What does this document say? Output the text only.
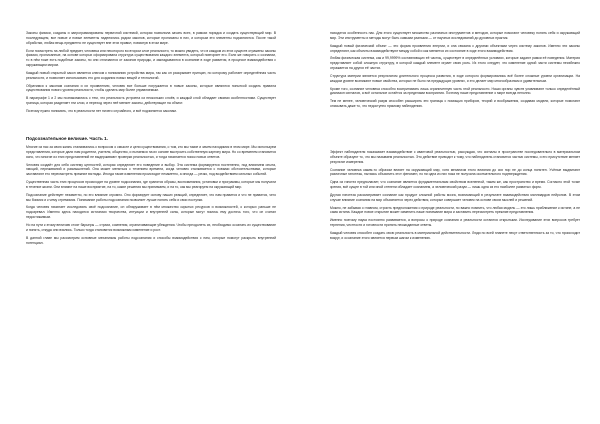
Законы физики, созданы и запрограммированы первичной системой, которая позволила зачать всех, в рамках порядка и создать существующий мир. В последующем, все новые и новые элементы наделялись рядом законов, которые прописаны в них, и которым эти элементы подчиняются. После такой обработки, любая вещь предметно не существует вне этих правил, повиснув в этом мире.

Если посмотреть на любой предмет, человека или некоторого во втором слое реальности, то можно увидеть, что в каждом из этих существ отражены законы физики, прописанные, на основе которых сформирована структура существования каждого элемента, который повторяет его. Если же говорить о сознании, то в нём тоже есть подобные законы, но они отличаются от законов природы, и закладываются в сознание в ходе развития, в процессе взаимодействия с окружающим миром.

Каждый новый открытый закон является ключом к пониманию устройства мира, так как он раскрывает принцип, по которому работает определённая часть реальности, и позволяет использовать его для создания новых вещей и технологий.

Обратимся к законам сознания и их проявлению, человек все больше погружается в новые законы, которые являются попыткой создать правила существования нового уровня реальности, чтобы сделать мир более управляемым.

В параграфе 1 и 2 мы познакомились с тем, что реальность устроена из нескольких слоёв, и каждый слой обладает своими особенностями. Существует граница, которая разделяет эти слои, и переход через неё меняет законы, действующие на объект.

Поэтому нужно понимать, что в реальности нет ничего случайного, и всё подчиняется законам.

Подсознательное величие. Часть 1.

Многие из нас за свою жизнь сталкивались с вопросом о смысле и цели существования, о том, кто мы такие и зачем находимся в этом мире. Мы используем представления, которые дали нам родители, учителя, общество, и пытаемся на их основе выстроить собственную картину мира. Но со временем становится ясно, что многие из этих представлений не выдерживают проверки реальностью, и тогда начинается поиск новых ответов.

Человек создаёт для себя систему ценностей, которая определяет его поведение и выбор. Эта система формируется постепенно, под влиянием опыта, эмоций, переживаний и размышлений. Она может меняться с течением времени, когда человек сталкивается с новыми обстоятельствами, которые заставляют его пересмотреть прежние взгляды. Иногда такие изменения происходят незаметно, а иногда — резко, под воздействием сильных событий.

Существенная часть этих процессов происходит на уровне подсознания, где хранятся образы, воспоминания, установки и программы, которые мы получили в течение жизни. Они влияют на наше восприятие, на то, какие решения мы принимаем, и на то, как мы реагируем на окружающий мир.

Подсознание действует незаметно, но его влияние огромно. Оно формирует основу наших реакций, определяет, что нам нравится и что не нравится, чего мы боимся и к чему стремимся. Понимание работы подсознания позволяет лучше понять себя и свои поступки.

Когда человек начинает исследовать своё подсознание, он обнаруживает в нём множество скрытых ресурсов и возможностей, о которых раньше не подозревал. Именно здесь находятся источники творчества, интуиции и внутренней силы, которые могут помочь ему достичь того, что он считал недостижимым.

Но на пути к этому величию стоят барьеры — страхи, сомнения, ограничивающие убеждения. Чтобы преодолеть их, необходимо осознать их существование и понять, откуда они взялись. Только тогда становится возможным изменение и рост.

В данной главе мы рассмотрим основные механизмы работы подсознания и способы взаимодействия с ним, которые помогут раскрыть внутренний потенциал.

находится особенность нас. Для этого существует множество различных инструментов и методов, которые помогают человеку понять себя и окружающий мир. Эти инструменты и методы могут быть самыми разными — от научных исследований до духовных практик.

Каждый новый физический объект — это форма проявления энергии, и она связана с другими объектами через систему законов. Именно эти законы определяют, как объекты взаимодействуют между собой и как меняется их состояние в ходе этого взаимодействия.

Любая физическая система, как и 99,9999% составляющих её частиц, существует в определённых условиях, которые задают рамки её поведения. Материя представляет собой сложную структуру, в которой каждый элемент играет свою роль. Из этого следует, что изменение одной части системы неизбежно отражается на других её частях.

Структура материи является результатом длительного процесса развития, в ходе которого формировались всё более сложные уровни организации. На каждом уровне возникают новые свойства, которых не было на предыдущих уровнях, и это делает мир многообразным и удивительным.

Кроме того, сознание человека способно воспринимать лишь ограниченную часть этой реальности. Наши органы чувств улавливают только определённый диапазон сигналов, а всё остальное остаётся за пределами восприятия. Поэтому наше представление о мире всегда неполно.

Тем не менее, человеческий разум способен расширять эти границы с помощью приборов, теорий и воображения, создавая модели, которые помогают описывать даже то, что недоступно прямому наблюдению.

Эффект наблюдателя показывает взаимодействие с квантовой реальностью, рассуждая, что сигналы в пространстве последовательно в материальном объекте образуют то, что мы называем реальностью. Это действие приводит к тому, что наблюдатель становится частью системы, и его присутствие меняет результат измерения.

Сознание человека каким-то образом влияет на окружающий мир, хотя механизм этого влияния до сих пор не до конца понятен. Учёные выдвигают различные гипотезы, пытаясь объяснить этот феномен, но ни одна из них пока не получила окончательного подтверждения.

Одна из гипотез предполагает, что сознание является фундаментальным свойством вселенной, таким же, как пространство и время. Согласно этой точке зрения, всё сущее в той или иной степени обладает сознанием, а человеческий разум — лишь одна из его наиболее развитых форм.

Другая гипотеза рассматривает сознание как продукт сложной работы мозга, возникающий в результате взаимодействия миллиардов нейронов. В этом случае влияние сознания на мир объясняется через действия, которые совершает человек на основе своих мыслей и решений.

Можно, не забывая о главном, строить предположения о природе реальности, но важно помнить, что любая модель — это лишь приближение к истине, а не сама истина. Каждое новое открытие может изменить наше понимание мира и заставить пересмотреть прежние представления.

Именно поэтому наука постоянно развивается, а вопросы о природе сознания и реальности остаются открытыми. Исследование этих вопросов требует терпения, честности и готовности принять неожиданные ответы.

Каждый человек способен создать свою реальность в материальной действительности. Люди по всей планете несут ответственность за то, что происходит вокруг, и осознание этого является первым шагом к изменению.
